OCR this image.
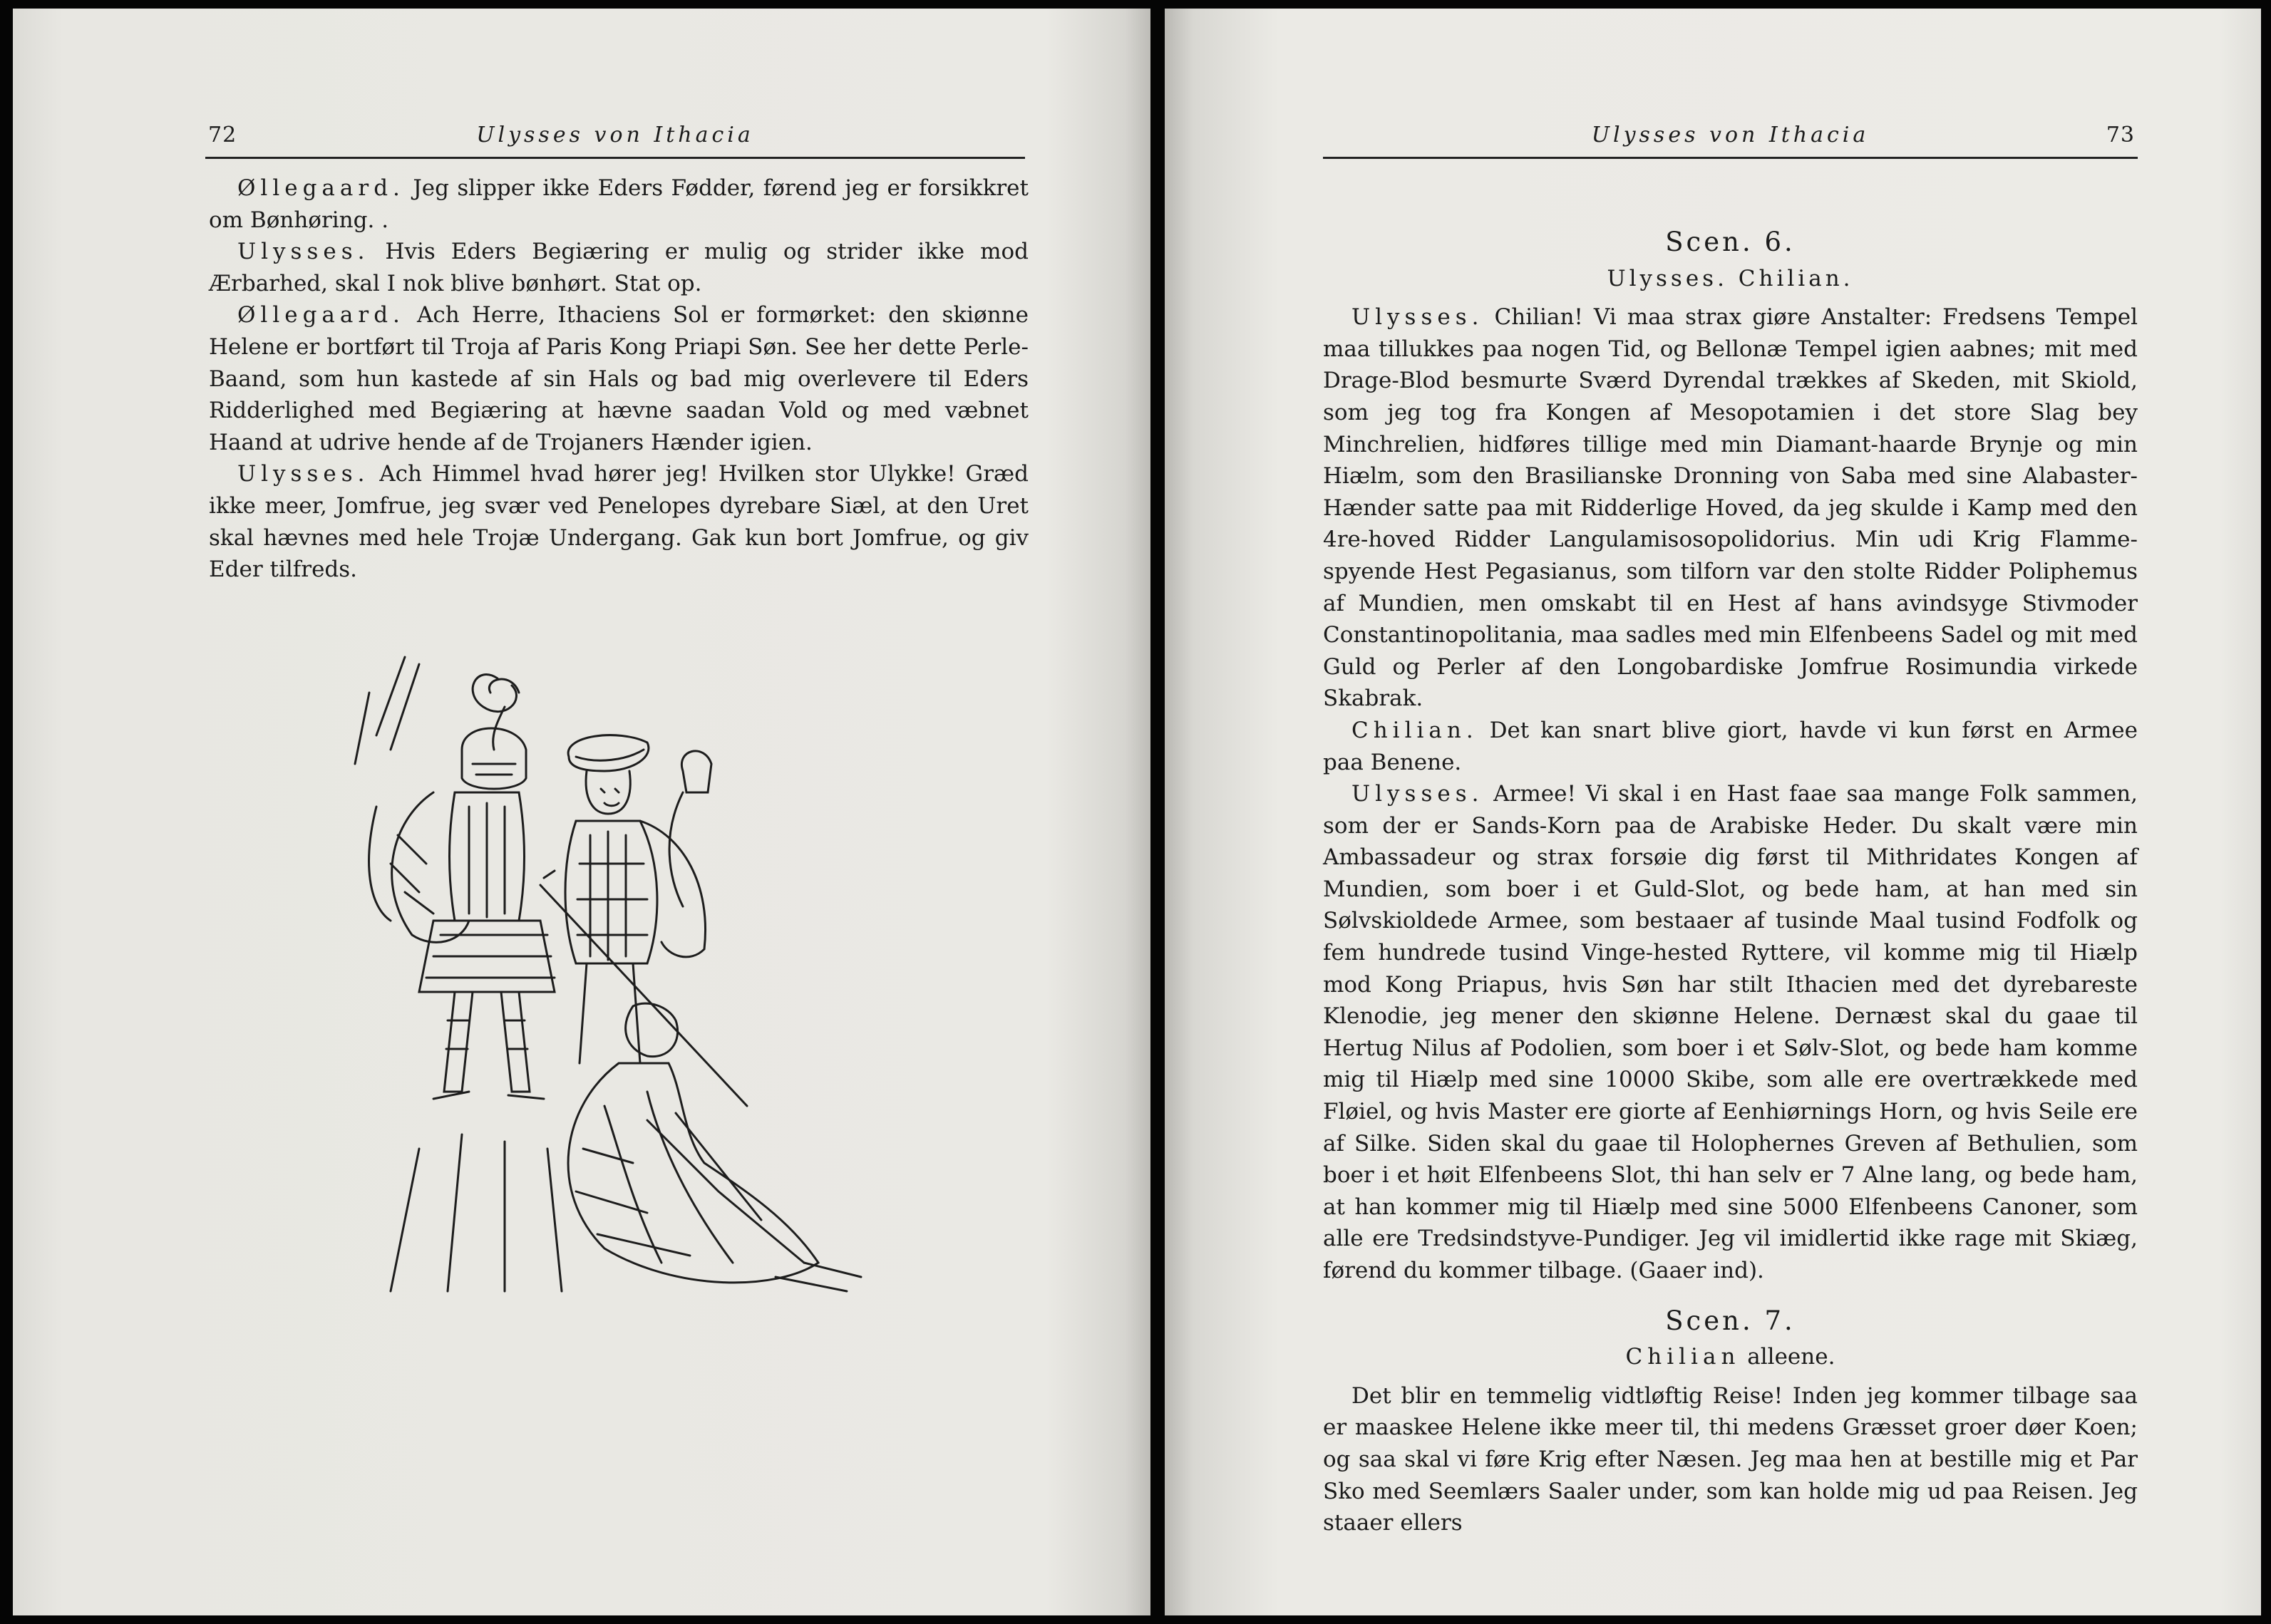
72	Ulysses von Ithacia

Øllegaard. Jeg slipper ikke Eders Fødder, førend jeg er forsikkret om Bønhøring. .

Ulysses. Hvis Eders Begiæring er mulig og strider ikke mod Ærbarhed, skal I nok blive bønhørt. Stat op.

Øllegaard. Ach Herre, Ithaciens Sol er formørket: den skiønne Helene er bortført til Troja af Paris Kong Priapi Søn. See her dette Perle-Baand, som hun kastede af sin Hals og bad mig overlevere til Eders Ridderlighed med Begiæring at hævne saadan Vold og med væbnet Haand at udrive hende af de Trojaners Hænder igien.

Ulysses. Ach Himmel hvad hører jeg! Hvilken stor Ulykke! Græd ikke meer, Jomfrue, jeg svær ved Penelopes dyrebare Siæl, at den Uret skal hævnes med hele Trojæ Undergang. Gak kun bort Jomfrue, og giv Eder tilfreds.

Ulysses von Ithacia	73

Scen. 6.

Ulysses. Chilian.

Ulysses. Chilian! Vi maa strax giøre Anstalter: Fredsens Tempel maa tillukkes paa nogen Tid, og Bellonæ Tempel igien aabnes; mit med Drage-Blod besmurte Sværd Dyrendal trækkes af Skeden, mit Skiold, som jeg tog fra Kongen af Mesopotamien i det store Slag bey Minchrelien, hidføres tillige med min Diamant-haarde Brynje og min Hiælm, som den Brasilianske Dronning von Saba med sine Alabaster-Hænder satte paa mit Ridderlige Hoved, da jeg skulde i Kamp med den 4re-hoved Ridder Langulamisosopolidorius. Min udi Krig Flamme-spyende Hest Pegasianus, som tilforn var den stolte Ridder Poliphemus af Mundien, men omskabt til en Hest af hans avindsyge Stivmoder Constantinopolitania, maa sadles med min Elfenbeens Sadel og mit med Guld og Perler af den Longobardiske Jomfrue Rosimundia virkede Skabrak.

Chilian. Det kan snart blive giort, havde vi kun først en Armee paa Benene.

Ulysses. Armee! Vi skal i en Hast faae saa mange Folk sammen, som der er Sands-Korn paa de Arabiske Heder. Du skalt være min Ambassadeur og strax forsøie dig først til Mithridates Kongen af Mundien, som boer i et Guld-Slot, og bede ham, at han med sin Sølvskioldede Armee, som bestaaer af tusinde Maal tusind Fodfolk og fem hundrede tusind Vinge-hested Ryttere, vil komme mig til Hiælp mod Kong Priapus, hvis Søn har stilt Ithacien med det dyrebareste Klenodie, jeg mener den skiønne Helene. Dernæst skal du gaae til Hertug Nilus af Podolien, som boer i et Sølv-Slot, og bede ham komme mig til Hiælp med sine 10000 Skibe, som alle ere overtrækkede med Fløiel, og hvis Master ere giorte af Eenhiørnings Horn, og hvis Seile ere af Silke. Siden skal du gaae til Holophernes Greven af Bethulien, som boer i et høit Elfenbeens Slot, thi han selv er 7 Alne lang, og bede ham, at han kommer mig til Hiælp med sine 5000 Elfenbeens Canoner, som alle ere Tredsindstyve-Pundiger. Jeg vil imidlertid ikke rage mit Skiæg, førend du kommer tilbage. (Gaaer ind).

Scen. 7.

Chilian alleene.

Det blir en temmelig vidtløftig Reise! Inden jeg kommer tilbage saa er maaskee Helene ikke meer til, thi medens Græsset groer døer Koen; og saa skal vi føre Krig efter Næsen. Jeg maa hen at bestille mig et Par Sko med Seemlærs Saaler under, som kan holde mig ud paa Reisen. Jeg staaer ellers
